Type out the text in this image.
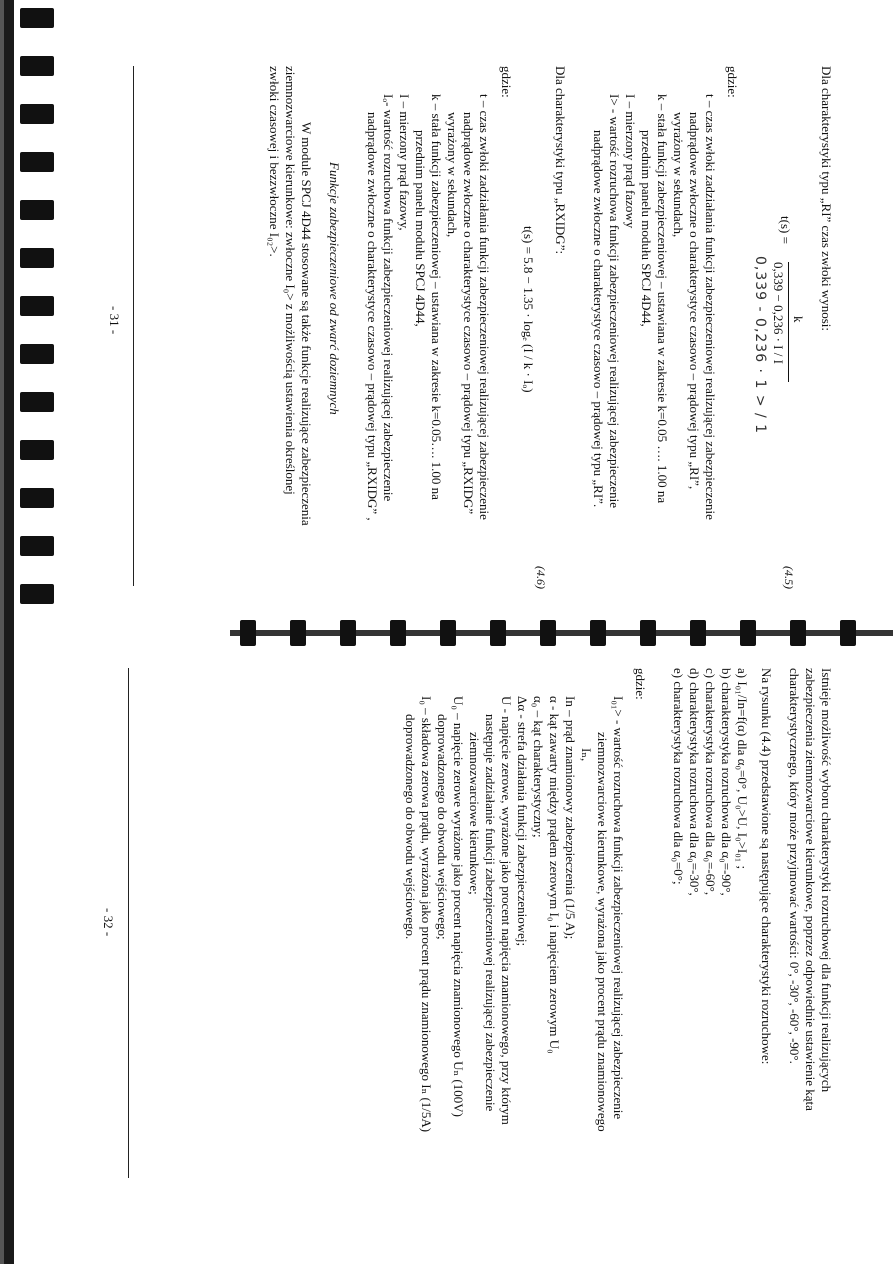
Dla charakterystyki typu „RI” czas zwłoki wynosi:

t(s) =
k
0,339 − 0,236 · I / I
(4.5)

0,339 - 0,236 · 1 > / 1

gdzie:

t – czas zwłoki zadziałania funkcji zabezpieczeniowej realizującej zabezpieczenie

nadprądowe zwłoczne o charakterystyce czasowo – prądowej typu „RI”,

wyrażony w sekundach,

k – stała funkcji zabezpieczeniowej – ustawiana w zakresie k=0.05 …. 1.00 na

przednim panelu modułu SPCJ 4D44,

I – mierzony prąd fazowy

I> - wartość rozruchowa funkcji zabezpieczeniowej realizującej zabezpieczenie

nadprądowe zwłoczne o charakterystyce czasowo – prądowej typu „RI”.

Dla charakterystyki typu „RXIDG”:

t(s) = 5.8 − 1.35 · logₑ (I / k · Iₒ)
(4.6)

gdzie:

t – czas zwłoki zadziałania funkcji zabezpieczeniowej realizującej zabezpieczenie

nadprądowe zwłoczne o charakterystyce czasowo – prądowej typu „RXIDG”

wyrażony w sekundach,

k – stała funkcji zabezpieczeniowej – ustawiana w zakresie k=0.05…. 1.00 na

przednim panelu modułu SPCJ 4D44,

I – mierzony prąd fazowy,

Iₒ- wartość rozruchowa funkcji zabezpieczeniowej realizującej zabezpieczenie

nadprądowe zwłoczne o charakterystyce czasowo – prądowej typu „RXIDG” ,

Funkcje zabezpieczeniowe od zwarć doziemnych

W module SPCJ 4D44 stosowane są także funkcje realizujące zabezpieczenia

ziemnozwarciowe kierunkowe: zwłoczne I₀> z możliwością ustawienia określonej

zwłoki czasowej i bezzwłoczne I₀₂>.

- 31 -

Istnieje możliwość wyboru charakterystyki rozruchowej dla funkcji realizujących

zabezpieczenia ziemnozwarciowe kierunkowe, poprzez odpowiednie ustawienie kąta

charakterystycznego, który może przyjmować wartości: 0°, -30°, -60°, -90°.

Na rysunku (4.4) przedstawione są następujące charakterystyki rozruchowe:

a) I₀₁/In=f(α) dla α₀=0°, U₀>U, I₀>I₀₁ ;

b) charakterystyka rozruchowa dla α₀=-90°,

c) charakterystyka rozruchowa dla α₀=-60°,

d) charakterystyka rozruchowa dla α₀=-30°,

e) charakterystyka rozruchowa dla α₀=0°;

gdzie:

I₀₁> - wartość rozruchowa funkcji zabezpieczeniowej realizującej zabezpieczenie

ziemnozwarciowe kierunkowe, wyrażona jako procent prądu znamionowego

Iₙ,

In – prąd znamionowy zabezpieczenia (1/5 A);

α - kąt zawarty między prądem zerowym I₀ i napięciem zerowym U₀

α₀ – kąt charakterystyczny;

Δα - strefa działania funkcji zabezpieczeniowej;

U - napięcie zerowe, wyrażone jako procent napięcia znamionowego, przy którym

następuje zadziałanie funkcji zabezpieczeniowej realizującej zabezpieczenie

ziemnozwarciowe kierunkowe;

U₀ – napięcie zerowe wyrażone jako procent napięcia znamionowego Uₙ (100V)

doprowadzonego do obwodu wejściowego;

I₀ – składowa zerowa prądu, wyrażona jako procent prądu znamionowego Iₙ (1/5A)

doprowadzonego do obwodu wejściowego.

- 32 -
